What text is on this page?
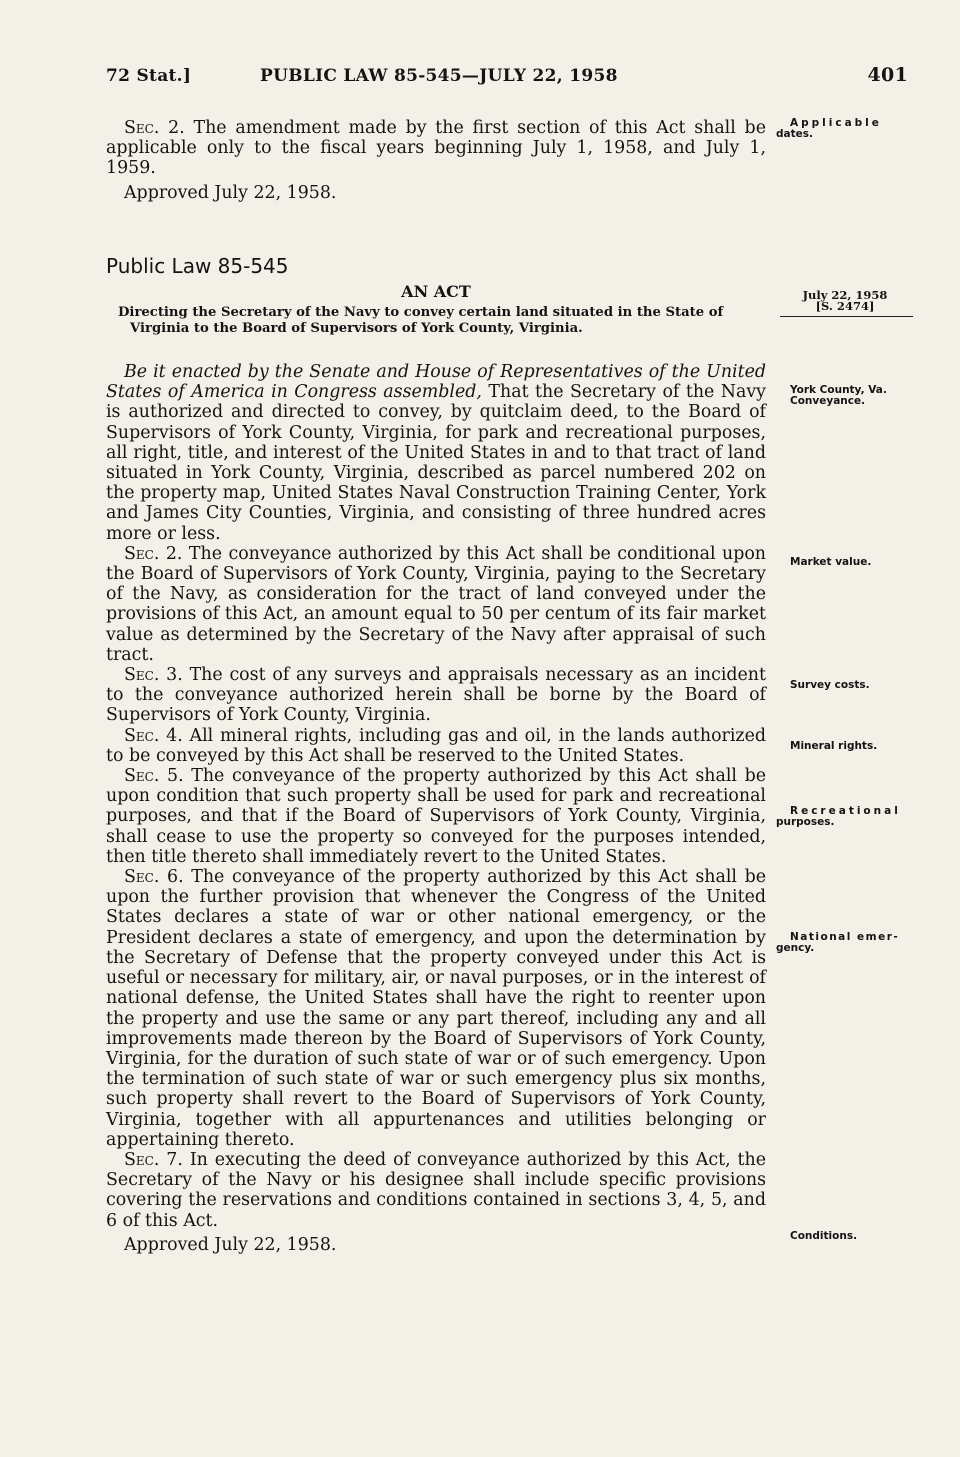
72 Stat.]	PUBLIC LAW 85-545—JULY 22, 1958	401

Sec. 2. The amendment made by the first section of this Act shall be applicable only to the fiscal years beginning July 1, 1958, and July 1, 1959.

Approved July 22, 1958.

Public Law 85-545
AN ACT
Directing the Secretary of the Navy to convey certain land situated in the State of Virginia to the Board of Supervisors of York County, Virginia.

Be it enacted by the Senate and House of Representatives of the United States of America in Congress assembled, That the Secretary of the Navy is authorized and directed to convey, by quitclaim deed, to the Board of Supervisors of York County, Virginia, for park and recreational purposes, all right, title, and interest of the United States in and to that tract of land situated in York County, Virginia, described as parcel numbered 202 on the property map, United States Naval Construction Training Center, York and James City Counties, Virginia, and consisting of three hundred acres more or less.

Sec. 2. The conveyance authorized by this Act shall be conditional upon the Board of Supervisors of York County, Virginia, paying to the Secretary of the Navy, as consideration for the tract of land conveyed under the provisions of this Act, an amount equal to 50 per centum of its fair market value as determined by the Secretary of the Navy after appraisal of such tract.

Sec. 3. The cost of any surveys and appraisals necessary as an incident to the conveyance authorized herein shall be borne by the Board of Supervisors of York County, Virginia.

Sec. 4. All mineral rights, including gas and oil, in the lands authorized to be conveyed by this Act shall be reserved to the United States.

Sec. 5. The conveyance of the property authorized by this Act shall be upon condition that such property shall be used for park and recreational purposes, and that if the Board of Supervisors of York County, Virginia, shall cease to use the property so conveyed for the purposes intended, then title thereto shall immediately revert to the United States.

Sec. 6. The conveyance of the property authorized by this Act shall be upon the further provision that whenever the Congress of the United States declares a state of war or other national emergency, or the President declares a state of emergency, and upon the determination by the Secretary of Defense that the property conveyed under this Act is useful or necessary for military, air, or naval purposes, or in the interest of national defense, the United States shall have the right to reenter upon the property and use the same or any part thereof, including any and all improvements made thereon by the Board of Supervisors of York County, Virginia, for the duration of such state of war or of such emergency. Upon the termination of such state of war or such emergency plus six months, such property shall revert to the Board of Supervisors of York County, Virginia, together with all appurtenances and utilities belonging or appertaining thereto.

Sec. 7. In executing the deed of conveyance authorized by this Act, the Secretary of the Navy or his designee shall include specific provisions covering the reservations and conditions contained in sections 3, 4, 5, and 6 of this Act.

Approved July 22, 1958.

Applicable
dates.
July 22, 1958
[S. 2474]
York County, Va.
Conveyance.
Market value.
Survey costs.
Mineral rights.
Recreational
purposes.
National emer-
gency.
Conditions.
